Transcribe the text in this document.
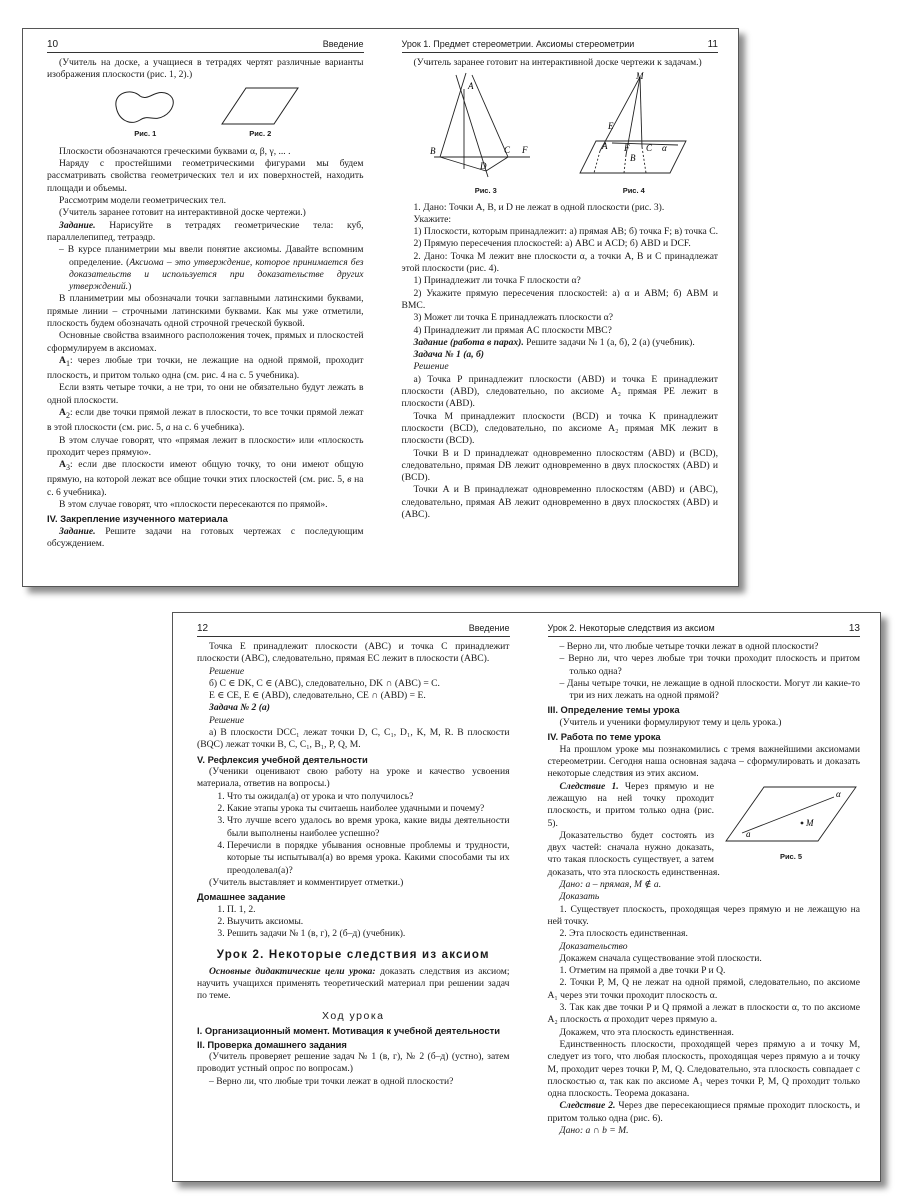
10	Введение

(Учитель на доске, а учащиеся в тетрадях чертят различные варианты изображения плоскости (рис. 1, 2).)

Рис. 1	Рис. 2

Плоскости обозначаются греческими буквами α, β, γ, ... .

Наряду с простейшими геометрическими фигурами мы будем рассматривать свойства геометрических тел и их поверхностей, находить площади и объемы.

Рассмотрим модели геометрических тел.

(Учитель заранее готовит на интерактивной доске чертежи.)

Задание. Нарисуйте в тетрадях геометрические тела: куб, параллелепипед, тетраэдр.

– В курсе планиметрии мы ввели понятие аксиомы. Давайте вспомним определение. (Аксиома – это утверждение, которое принимается без доказательств и используется при доказательстве других утверждений.)

В планиметрии мы обозначали точки заглавными латинскими буквами, прямые линии – строчными латинскими буквами. Как мы уже отметили, плоскость будем обозначать одной строчной греческой буквой.

Основные свойства взаимного расположения точек, прямых и плоскостей сформулируем в аксиомах.

$A_1$: через любые три точки, не лежащие на одной прямой, проходит плоскость, и притом только одна (см. рис. 4 на с. 5 учебника).

Если взять четыре точки, а не три, то они не обязательно будут лежать в одной плоскости.

$A_2$: если две точки прямой лежат в плоскости, то все точки прямой лежат в этой плоскости (см. рис. 5, а на с. 6 учебника).

В этом случае говорят, что «прямая лежит в плоскости» или «плоскость проходит через прямую».

$A_3$: если две плоскости имеют общую точку, то они имеют общую прямую, на которой лежат все общие точки этих плоскостей (см. рис. 5, в на с. 6 учебника).

В этом случае говорят, что «плоскости пересекаются по прямой».

IV. Закрепление изученного материала

Задание. Решите задачи на готовых чертежах с последующим обсуждением.

Урок 1. Предмет стереометрии. Аксиомы стереометрии	11

(Учитель заранее готовит на интерактивной доске чертежи к задачам.)

A
B	C F
D
Рис. 3
M
E
A F
B
C α
Рис. 4

1. Дано: Точки A, B, и D не лежат в одной плоскости (рис. 3).

Укажите:

1) Плоскости, которым принадлежит: а) прямая AB; б) точка F; в) точка C.

2) Прямую пересечения плоскостей: а) ABC и ACD; б) ABD и DCF.

2. Дано: Точка M лежит вне плоскости α, а точки A, B и C принадлежат этой плоскости (рис. 4).

1) Принадлежит ли точка F плоскости α?

2) Укажите прямую пересечения плоскостей: а) α и ABM; б) ABM и BMC.

3) Может ли точка E принадлежать плоскости α?

4) Принадлежит ли прямая AC плоскости MBC?

Задание (работа в парах). Решите задачи № 1 (а, б), 2 (а) (учебник).

Задача № 1 (а, б)

Решение

а) Точка P принадлежит плоскости (ABD) и точка E принадлежит плоскости (ABD), следовательно, по аксиоме A₂ прямая PE лежит в плоскости (ABD).

Точка M принадлежит плоскости (BCD) и точка K принадлежит плоскости (BCD), следовательно, по аксиоме A₂ прямая MK лежит в плоскости (BCD).

Точки B и D принадлежат одновременно плоскостям (ABD) и (BCD), следовательно, прямая DB лежит одновременно в двух плоскостях (ABD) и (BCD).

Точки A и B принадлежат одновременно плоскостям (ABD) и (ABC), следовательно, прямая AB лежит одновременно в двух плоскостях (ABD) и (ABC).

12	Введение

Точка E принадлежит плоскости (ABC) и точка C принадлежит плоскости (ABC), следовательно, прямая EC лежит в плоскости (ABC).

Решение

б) C ∈ DK, C ∈ (ABC), следовательно, DK ∩ (ABC) = C.

E ∈ CE, E ∈ (ABD), следовательно, CE ∩ (ABD) = E.

Задача № 2 (а)

Решение

а) В плоскости DCC₁ лежат точки D, C, C₁, D₁, K, M, R. В плоскости (BQC) лежат точки B, C, C₁, B₁, P, Q, M.

V. Рефлексия учебной деятельности

(Ученики оценивают свою работу на уроке и качество усвоения материала, ответив на вопросы.)

1. Что ты ожидал(а) от урока и что получилось?
2. Какие этапы урока ты считаешь наиболее удачными и почему?
3. Что лучше всего удалось во время урока, какие виды деятельности были выполнены наиболее успешно?
4. Перечисли в порядке убывания основные проблемы и трудности, которые ты испытывал(а) во время урока. Какими способами ты их преодолевал(а)?

(Учитель выставляет и комментирует отметки.)

Домашнее задание
1. П. 1, 2.
2. Выучить аксиомы.
3. Решить задачи № 1 (в, г), 2 (б–д) (учебник).
Урок 2. Некоторые следствия из аксиом

Основные дидактические цели урока: доказать следствия из аксиом; научить учащихся применять теоретический материал при решении задач по теме.

Ход урока
I. Организационный момент. Мотивация к учебной деятельности
II. Проверка домашнего задания

(Учитель проверяет решение задач № 1 (в, г), № 2 (б–д) (устно), затем проводит устный опрос по вопросам.)

– Верно ли, что любые три точки лежат в одной плоскости?

Урок 2. Некоторые следствия из аксиом	13

– Верно ли, что любые четыре точки лежат в одной плоскости?

– Верно ли, что через любые три точки проходит плоскость и притом только одна?

– Даны четыре точки, не лежащие в одной плоскости. Могут ли какие-то три из них лежать на одной прямой?

III. Определение темы урока

(Учитель и ученики формулируют тему и цель урока.)

IV. Работа по теме урока

На прошлом уроке мы познакомились с тремя важнейшими аксиомами стереометрии. Сегодня наша основная задача – сформулировать и доказать некоторые следствия из этих аксиом.

α
a
M
Рис. 5

Следствие 1. Через прямую и не лежащую на ней точку проходит плоскость, и притом только одна (рис. 5).

Доказательство будет состоять из двух частей: сначала нужно доказать, что такая плоскость существует, а затем доказать, что эта плоскость единственная.

Дано: a – прямая, M ∉ a.

Доказать

1. Существует плоскость, проходящая через прямую и не лежащую на ней точку.

2. Эта плоскость единственная.

Доказательство

Докажем сначала существование этой плоскости.

1. Отметим на прямой a две точки P и Q.

2. Точки P, M, Q не лежат на одной прямой, следовательно, по аксиоме A₁ через эти точки проходит плоскость α.

3. Так как две точки P и Q прямой a лежат в плоскости α, то по аксиоме A₂ плоскость α проходит через прямую a.

Докажем, что эта плоскость единственная.

Единственность плоскости, проходящей через прямую a и точку M, следует из того, что любая плоскость, проходящая через прямую a и точку M, проходит через точки P, M, Q. Следовательно, эта плоскость совпадает с плоскостью α, так как по аксиоме A₁ через точки P, M, Q проходит только одна плоскость. Теорема доказана.

Следствие 2. Через две пересекающиеся прямые проходит плоскость, и притом только одна (рис. 6).

Дано: a ∩ b = M.
